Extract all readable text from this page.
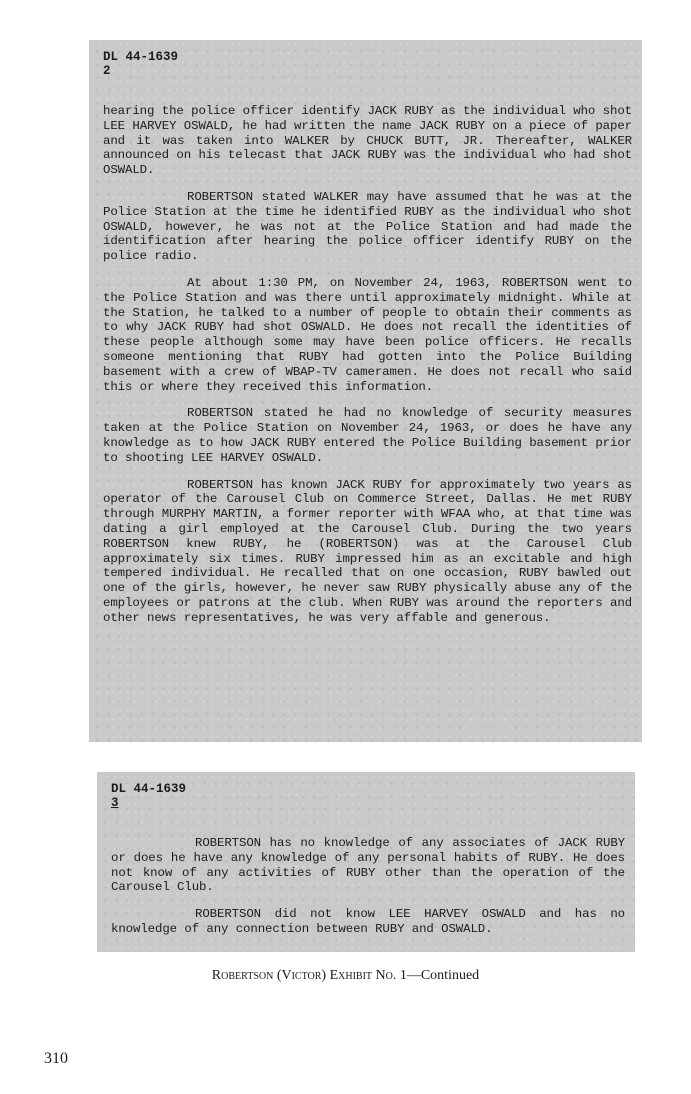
DL 44-1639

2

hearing the police officer identify JACK RUBY as the individual who shot LEE HARVEY OSWALD, he had written the name JACK RUBY on a piece of paper and it was taken into WALKER by CHUCK BUTT, JR. Thereafter, WALKER announced on his telecast that JACK RUBY was the individual who had shot OSWALD.

ROBERTSON stated WALKER may have assumed that he was at the Police Station at the time he identified RUBY as the individual who shot OSWALD, however, he was not at the Police Station and had made the identification after hearing the police officer identify RUBY on the police radio.

At about 1:30 PM, on November 24, 1963, ROBERTSON went to the Police Station and was there until approximately midnight. While at the Station, he talked to a number of people to obtain their comments as to why JACK RUBY had shot OSWALD. He does not recall the identities of these people although some may have been police officers. He recalls someone mentioning that RUBY had gotten into the Police Building basement with a crew of WBAP-TV cameramen. He does not recall who said this or where they received this information.

ROBERTSON stated he had no knowledge of security measures taken at the Police Station on November 24, 1963, or does he have any knowledge as to how JACK RUBY entered the Police Building basement prior to shooting LEE HARVEY OSWALD.

ROBERTSON has known JACK RUBY for approximately two years as operator of the Carousel Club on Commerce Street, Dallas. He met RUBY through MURPHY MARTIN, a former reporter with WFAA who, at that time was dating a girl employed at the Carousel Club. During the two years ROBERTSON knew RUBY, he (ROBERTSON) was at the Carousel Club approximately six times. RUBY impressed him as an excitable and high tempered individual. He recalled that on one occasion, RUBY bawled out one of the girls, however, he never saw RUBY physically abuse any of the employees or patrons at the club. When RUBY was around the reporters and other news representatives, he was very affable and generous.

DL 44-1639

3

ROBERTSON has no knowledge of any associates of JACK RUBY or does he have any knowledge of any personal habits of RUBY. He does not know of any activities of RUBY other than the operation of the Carousel Club.

ROBERTSON did not know LEE HARVEY OSWALD and has no knowledge of any connection between RUBY and OSWALD.

Robertson (Victor) Exhibit No. 1—Continued

310
